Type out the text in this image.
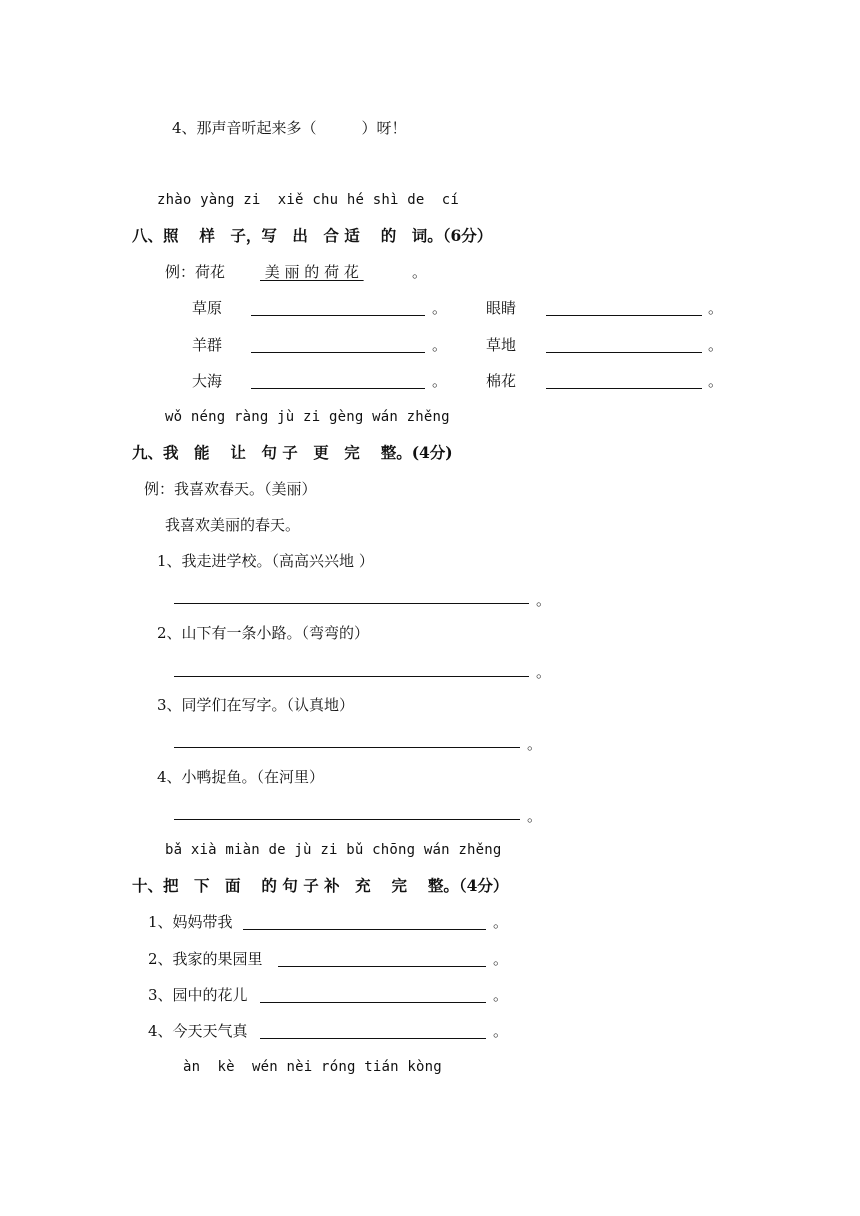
4、那声音听起来多（　　　）呀！
zhào yàng zi  xiě chu hé shì de  cí
八、照　 样　子，写　出　合 适　 的　词。（6分）
例：荷花 美 丽 的 荷 花	。
草原	。	眼睛	。
羊群	。	草地	。
大海	。	棉花	。
wǒ néng ràng jù zi gèng wán zhěng
九、我　能　 让　句 子　更　完　 整。(4分)
例：我喜欢春天。（美丽）
我喜欢美丽的春天。
1、我走进学校。（高高兴兴地 ）
。
2、山下有一条小路。（弯弯的）
。
3、同学们在写字。（认真地）
。
4、小鸭捉鱼。（在河里）
。
bǎ xià miàn de jù zi bǔ chōng wán zhěng
十、把　下　面　 的 句 子 补　充　 完　 整。（4分）
1、妈妈带我	。
2、我家的果园里	。
3、园中的花儿	。
4、今天天气真	。
àn  kè  wén nèi róng tián kòng
